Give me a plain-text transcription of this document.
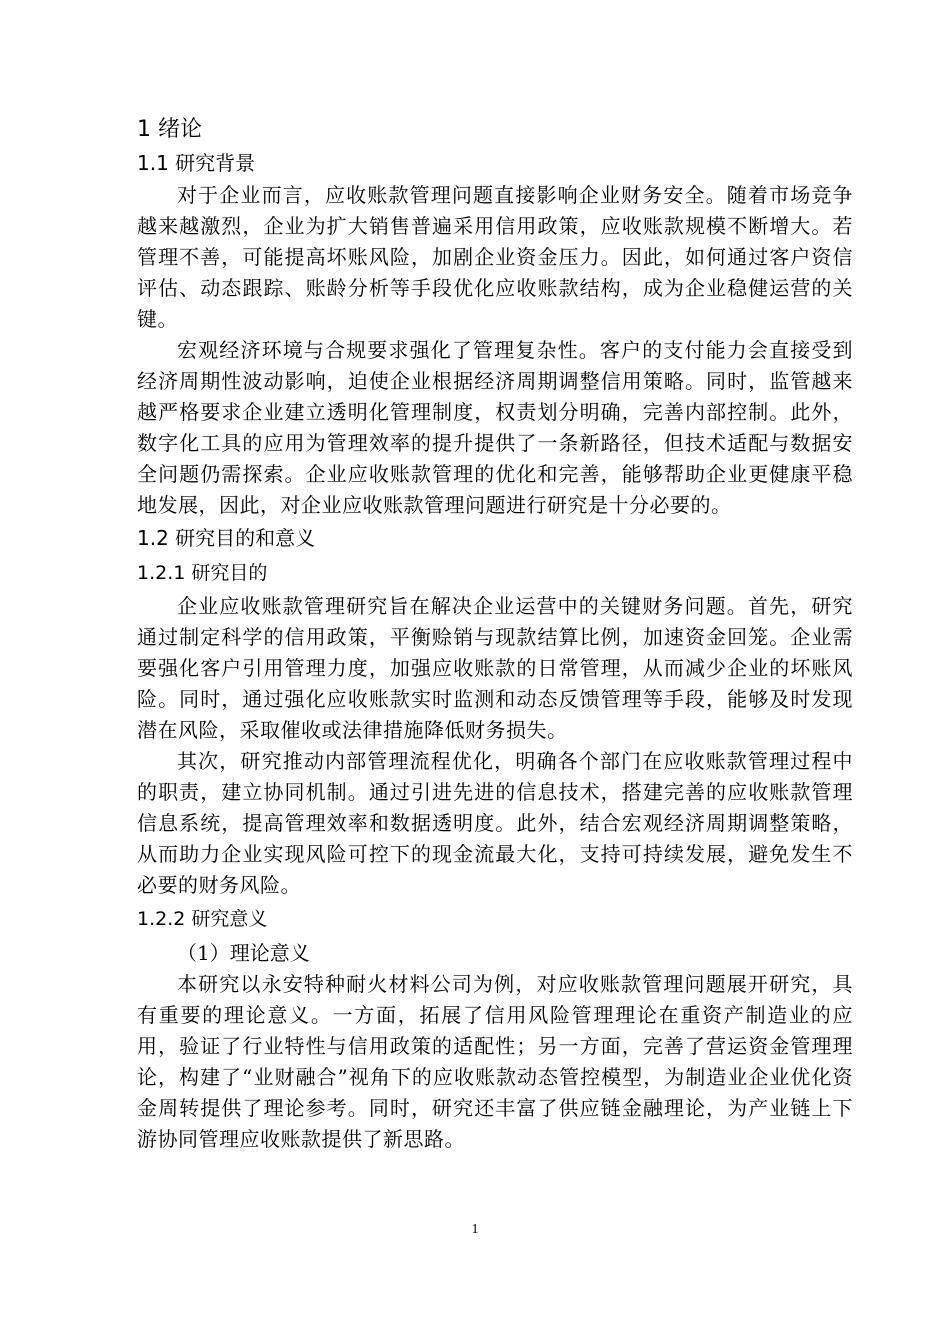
1 绪论
1.1 研究背景

对于企业而言，应收账款管理问题直接影响企业财务安全。随着市场竞争越来越激烈，企业为扩大销售普遍采用信用政策，应收账款规模不断增大。若管理不善，可能提高坏账风险，加剧企业资金压力。因此，如何通过客户资信评估、动态跟踪、账龄分析等手段优化应收账款结构，成为企业稳健运营的关键。

宏观经济环境与合规要求强化了管理复杂性。客户的支付能力会直接受到经济周期性波动影响，迫使企业根据经济周期调整信用策略。同时，监管越来越严格要求企业建立透明化管理制度，权责划分明确，完善内部控制。此外，数字化工具的应用为管理效率的提升提供了一条新路径，但技术适配与数据安全问题仍需探索。企业应收账款管理的优化和完善，能够帮助企业更健康平稳地发展，因此，对企业应收账款管理问题进行研究是十分必要的。

1.2 研究目的和意义
1.2.1 研究目的

企业应收账款管理研究旨在解决企业运营中的关键财务问题。首先，研究通过制定科学的信用政策，平衡赊销与现款结算比例，加速资金回笼。企业需要强化客户引用管理力度，加强应收账款的日常管理，从而减少企业的坏账风险。同时，通过强化应收账款实时监测和动态反馈管理等手段，能够及时发现潜在风险，采取催收或法律措施降低财务损失。

其次，研究推动内部管理流程优化，明确各个部门在应收账款管理过程中的职责，建立协同机制。通过引进先进的信息技术，搭建完善的应收账款管理信息系统，提高管理效率和数据透明度。此外，结合宏观经济周期调整策略，从而助力企业实现风险可控下的现金流最大化，支持可持续发展，避免发生不必要的财务风险。

1.2.2 研究意义

（1）理论意义

本研究以永安特种耐火材料公司为例，对应收账款管理问题展开研究，具有重要的理论意义。一方面，拓展了信用风险管理理论在重资产制造业的应用，验证了行业特性与信用政策的适配性；另一方面，完善了营运资金管理理论，构建了“业财融合”视角下的应收账款动态管控模型，为制造业企业优化资金周转提供了理论参考。同时，研究还丰富了供应链金融理论，为产业链上下游协同管理应收账款提供了新思路。

1
